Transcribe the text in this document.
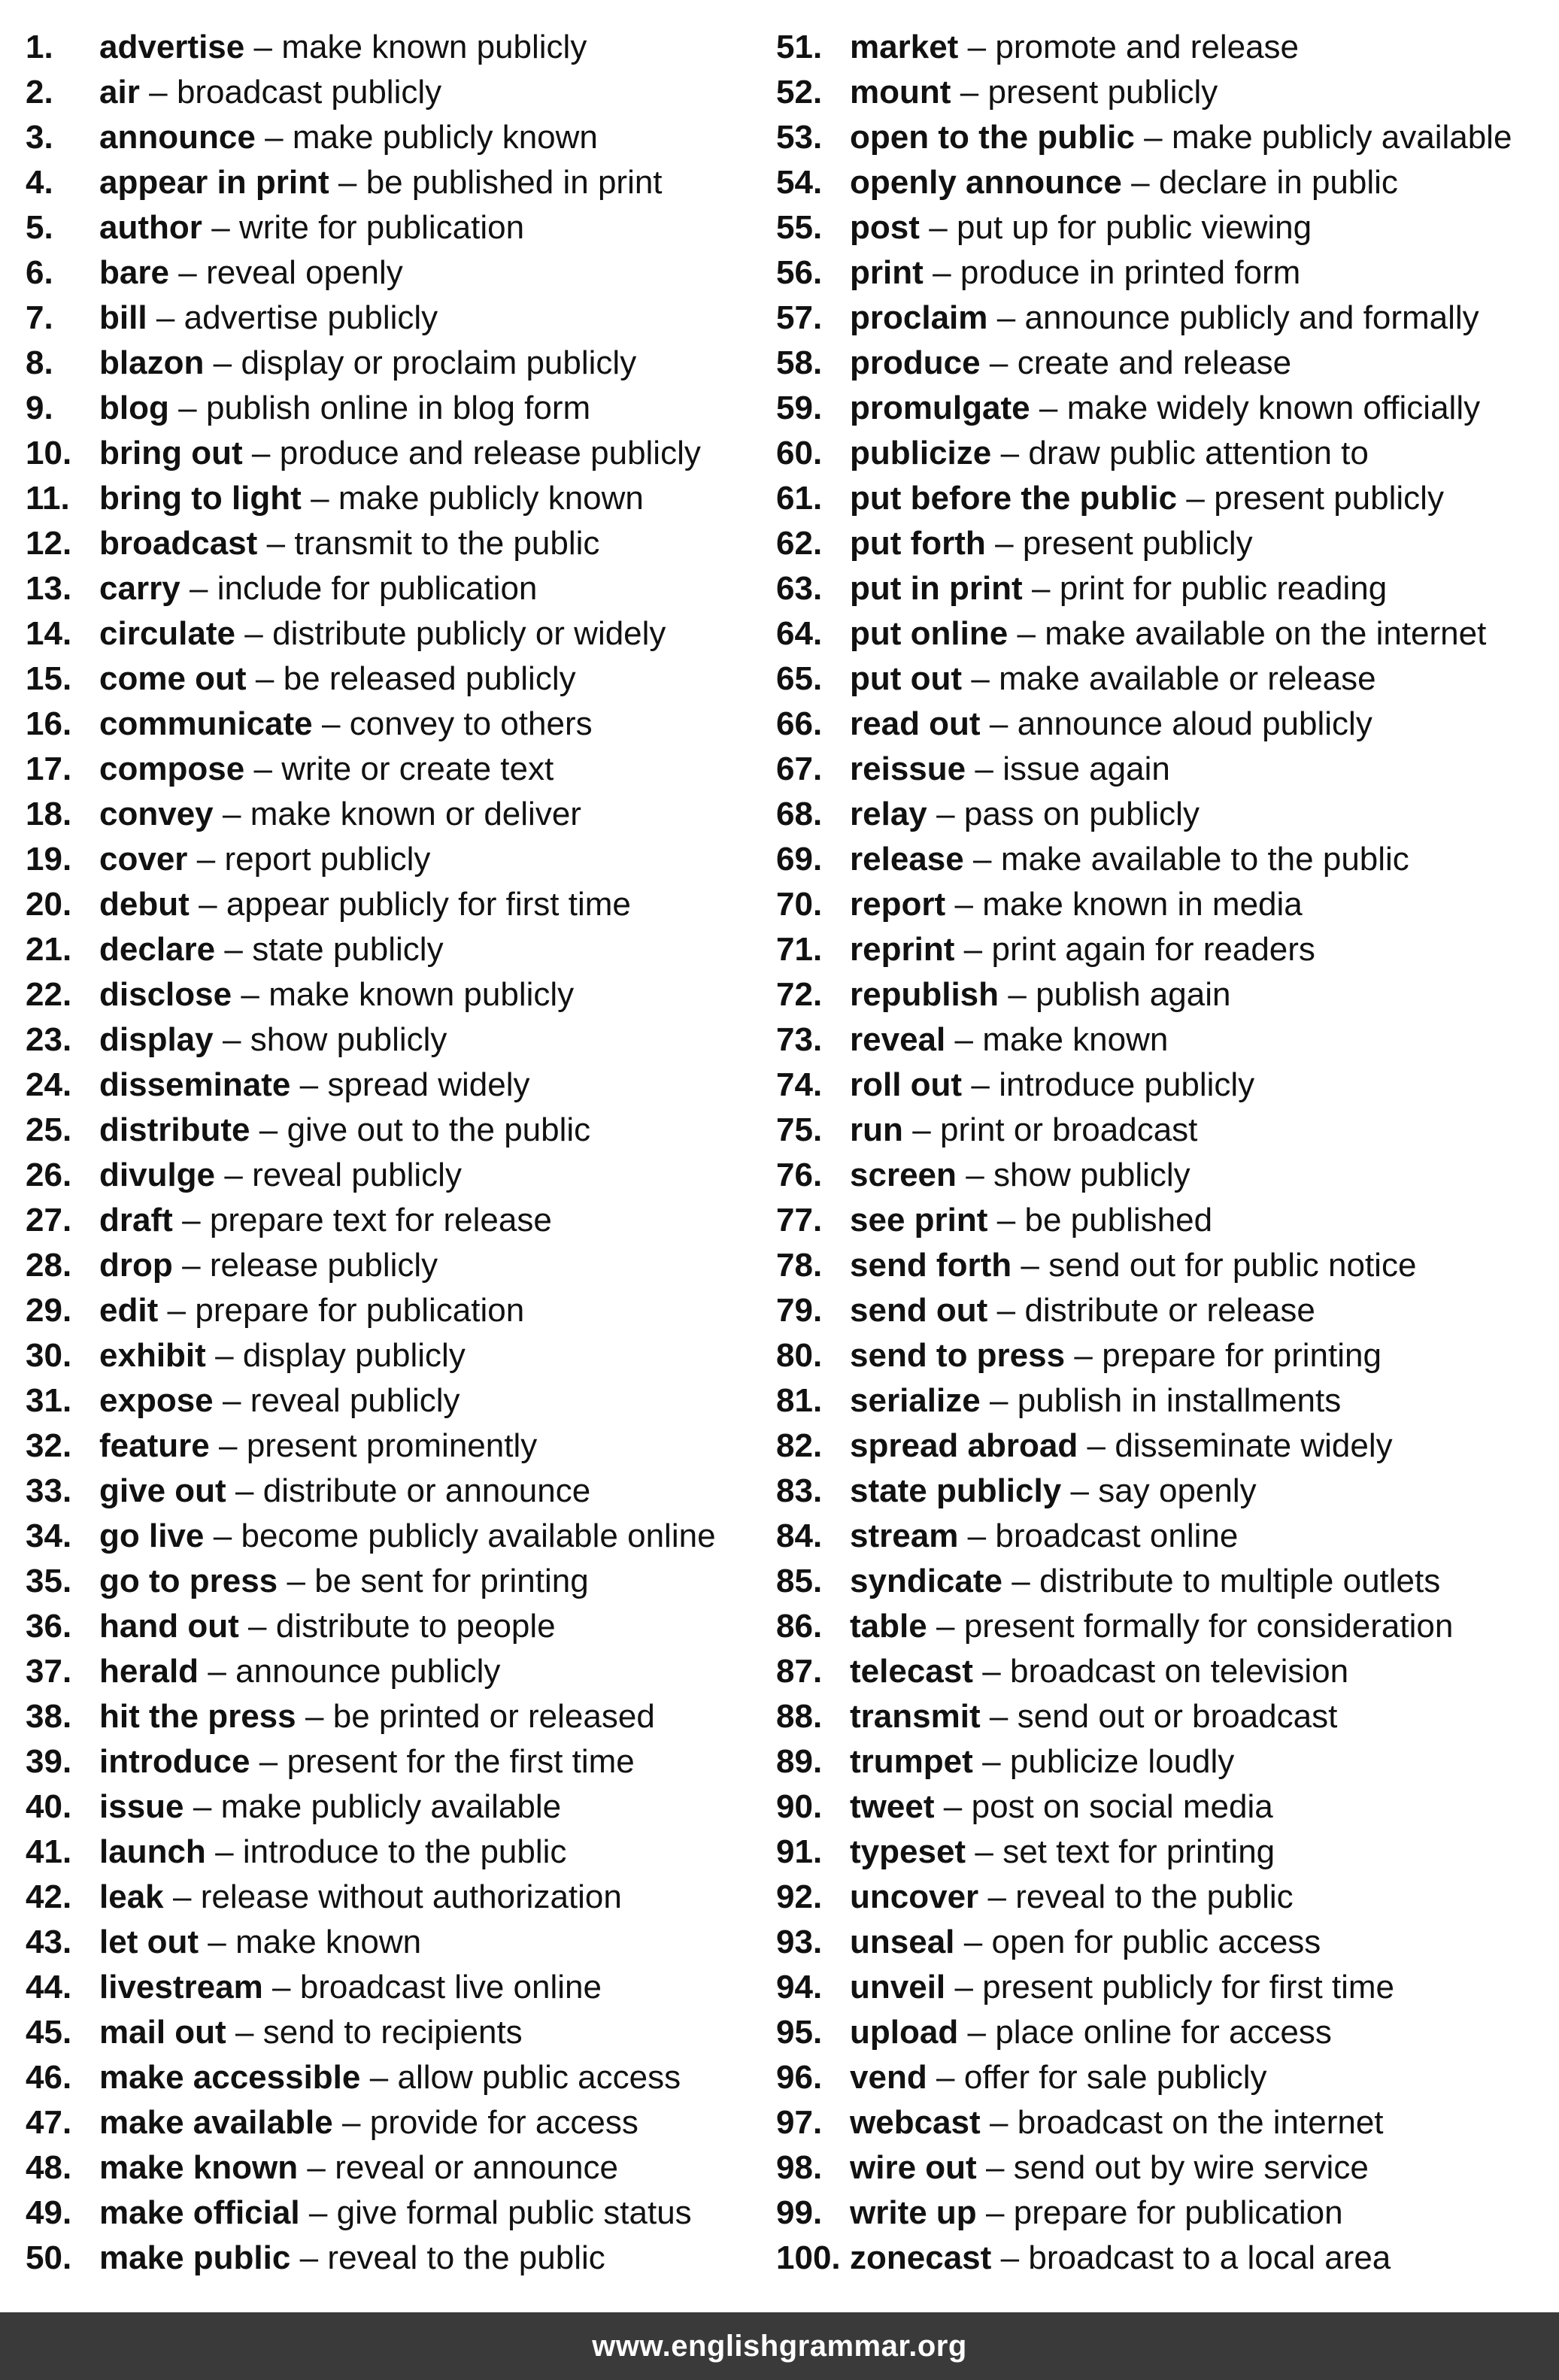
1.	advertise – make known publicly
2.	air – broadcast publicly
3.	announce – make publicly known
4.	appear in print – be published in print
5.	author – write for publication
6.	bare – reveal openly
7.	bill – advertise publicly
8.	blazon – display or proclaim publicly
9.	blog – publish online in blog form
10. bring out – produce and release publicly
11. bring to light – make publicly known
12. broadcast – transmit to the public
13. carry – include for publication
14. circulate – distribute publicly or widely
15. come out – be released publicly
16. communicate – convey to others
17. compose – write or create text
18. convey – make known or deliver
19. cover – report publicly
20. debut – appear publicly for first time
21. declare – state publicly
22. disclose – make known publicly
23. display – show publicly
24. disseminate – spread widely
25. distribute – give out to the public
26. divulge – reveal publicly
27. draft – prepare text for release
28. drop – release publicly
29. edit – prepare for publication
30. exhibit – display publicly
31. expose – reveal publicly
32. feature – present prominently
33. give out – distribute or announce
34. go live – become publicly available online
35. go to press – be sent for printing
36. hand out – distribute to people
37. herald – announce publicly
38. hit the press – be printed or released
39. introduce – present for the first time
40. issue – make publicly available
41. launch – introduce to the public
42. leak – release without authorization
43. let out – make known
44. livestream – broadcast live online
45. mail out – send to recipients
46. make accessible – allow public access
47. make available – provide for access
48. make known – reveal or announce
49. make official – give formal public status
50. make public – reveal to the public
51. market – promote and release
52. mount – present publicly
53. open to the public – make publicly available
54. openly announce – declare in public
55. post – put up for public viewing
56. print – produce in printed form
57. proclaim – announce publicly and formally
58. produce – create and release
59. promulgate – make widely known officially
60. publicize – draw public attention to
61. put before the public – present publicly
62. put forth – present publicly
63. put in print – print for public reading
64. put online – make available on the internet
65. put out – make available or release
66. read out – announce aloud publicly
67. reissue – issue again
68. relay – pass on publicly
69. release – make available to the public
70. report – make known in media
71. reprint – print again for readers
72. republish – publish again
73. reveal – make known
74. roll out – introduce publicly
75. run – print or broadcast
76. screen – show publicly
77. see print – be published
78. send forth – send out for public notice
79. send out – distribute or release
80. send to press – prepare for printing
81. serialize – publish in installments
82. spread abroad – disseminate widely
83. state publicly – say openly
84. stream – broadcast online
85. syndicate – distribute to multiple outlets
86. table – present formally for consideration
87. telecast – broadcast on television
88. transmit – send out or broadcast
89. trumpet – publicize loudly
90. tweet – post on social media
91. typeset – set text for printing
92. uncover – reveal to the public
93. unseal – open for public access
94. unveil – present publicly for first time
95. upload – place online for access
96. vend – offer for sale publicly
97. webcast – broadcast on the internet
98. wire out – send out by wire service
99. write up – prepare for publication
100. zonecast – broadcast to a local area
www.englishgrammar.org
